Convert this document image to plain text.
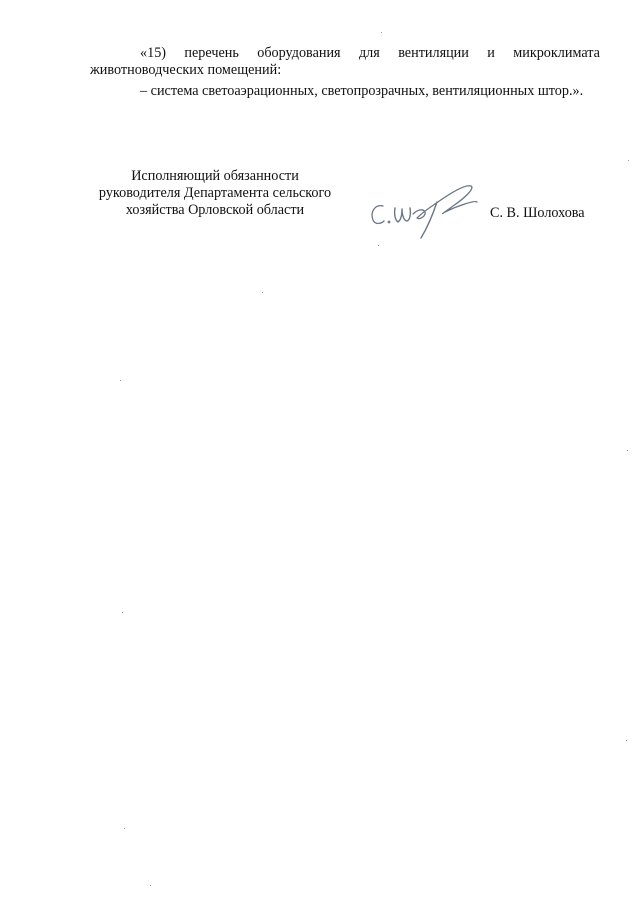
«15) перечень оборудования для вентиляции и микроклимата
животноводческих помещений:
– система светоаэрационных, светопрозрачных, вентиляционных штор.».
Исполняющий обязанности
руководителя Департамента сельского
хозяйства Орловской области	С. В. Шолохова
